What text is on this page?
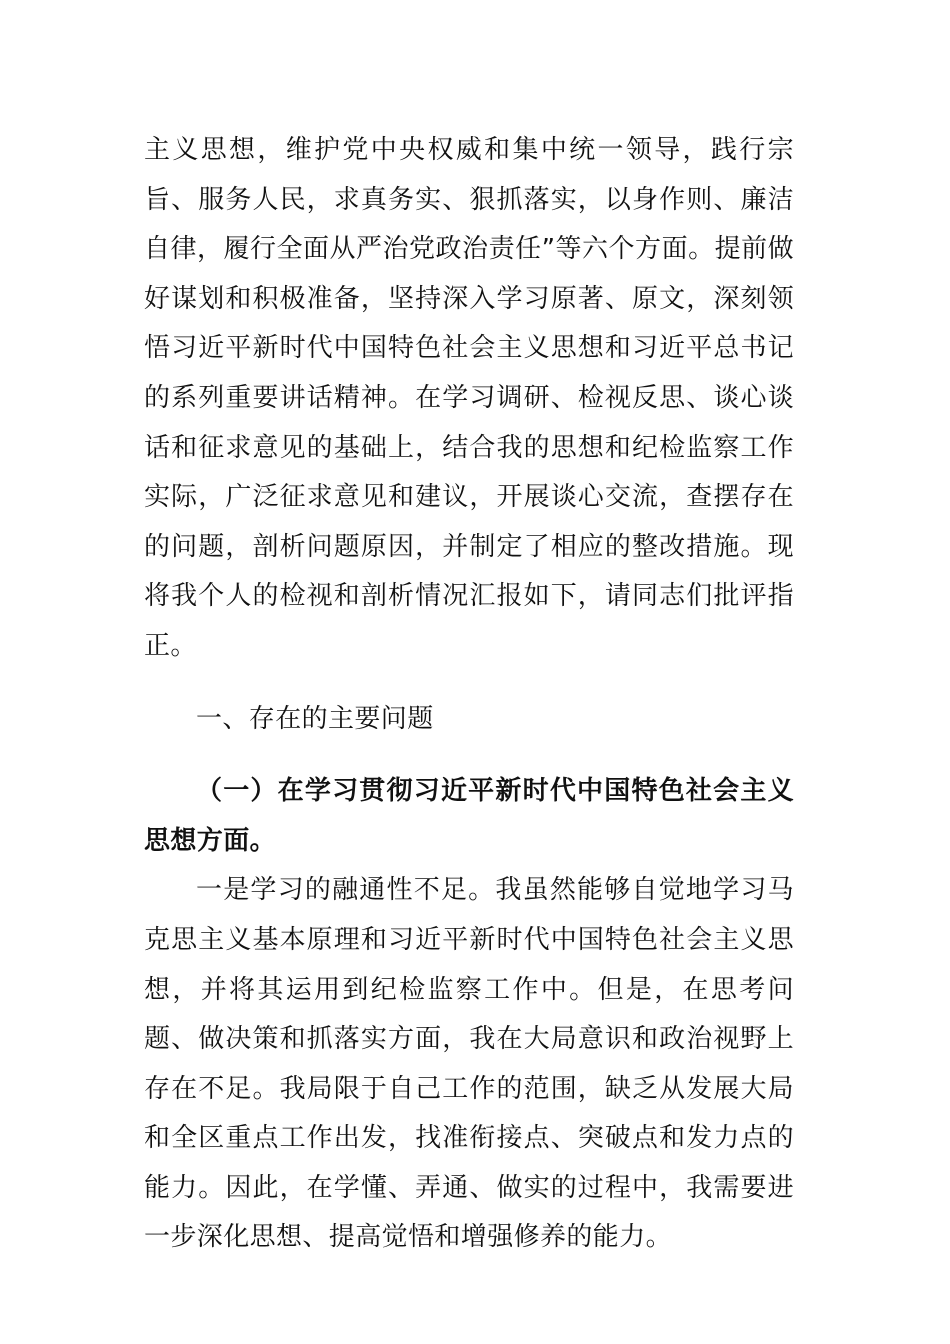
主义思想，维护党中央权威和集中统一领导，践行宗旨、服务人民，求真务实、狠抓落实，以身作则、廉洁自律，履行全面从严治党政治责任”等六个方面。提前做好谋划和积极准备，坚持深入学习原著、原文，深刻领悟习近平新时代中国特色社会主义思想和习近平总书记的系列重要讲话精神。在学习调研、检视反思、谈心谈话和征求意见的基础上，结合我的思想和纪检监察工作实际，广泛征求意见和建议，开展谈心交流，查摆存在的问题，剖析问题原因，并制定了相应的整改措施。现将我个人的检视和剖析情况汇报如下，请同志们批评指正。

一、存在的主要问题

（一）在学习贯彻习近平新时代中国特色社会主义思想方面。

一是学习的融通性不足。我虽然能够自觉地学习马克思主义基本原理和习近平新时代中国特色社会主义思想，并将其运用到纪检监察工作中。但是，在思考问题、做决策和抓落实方面，我在大局意识和政治视野上存在不足。我局限于自己工作的范围，缺乏从发展大局和全区重点工作出发，找准衔接点、突破点和发力点的能力。因此，在学懂、弄通、做实的过程中，我需要进一步深化思想、提高觉悟和增强修养的能力。
